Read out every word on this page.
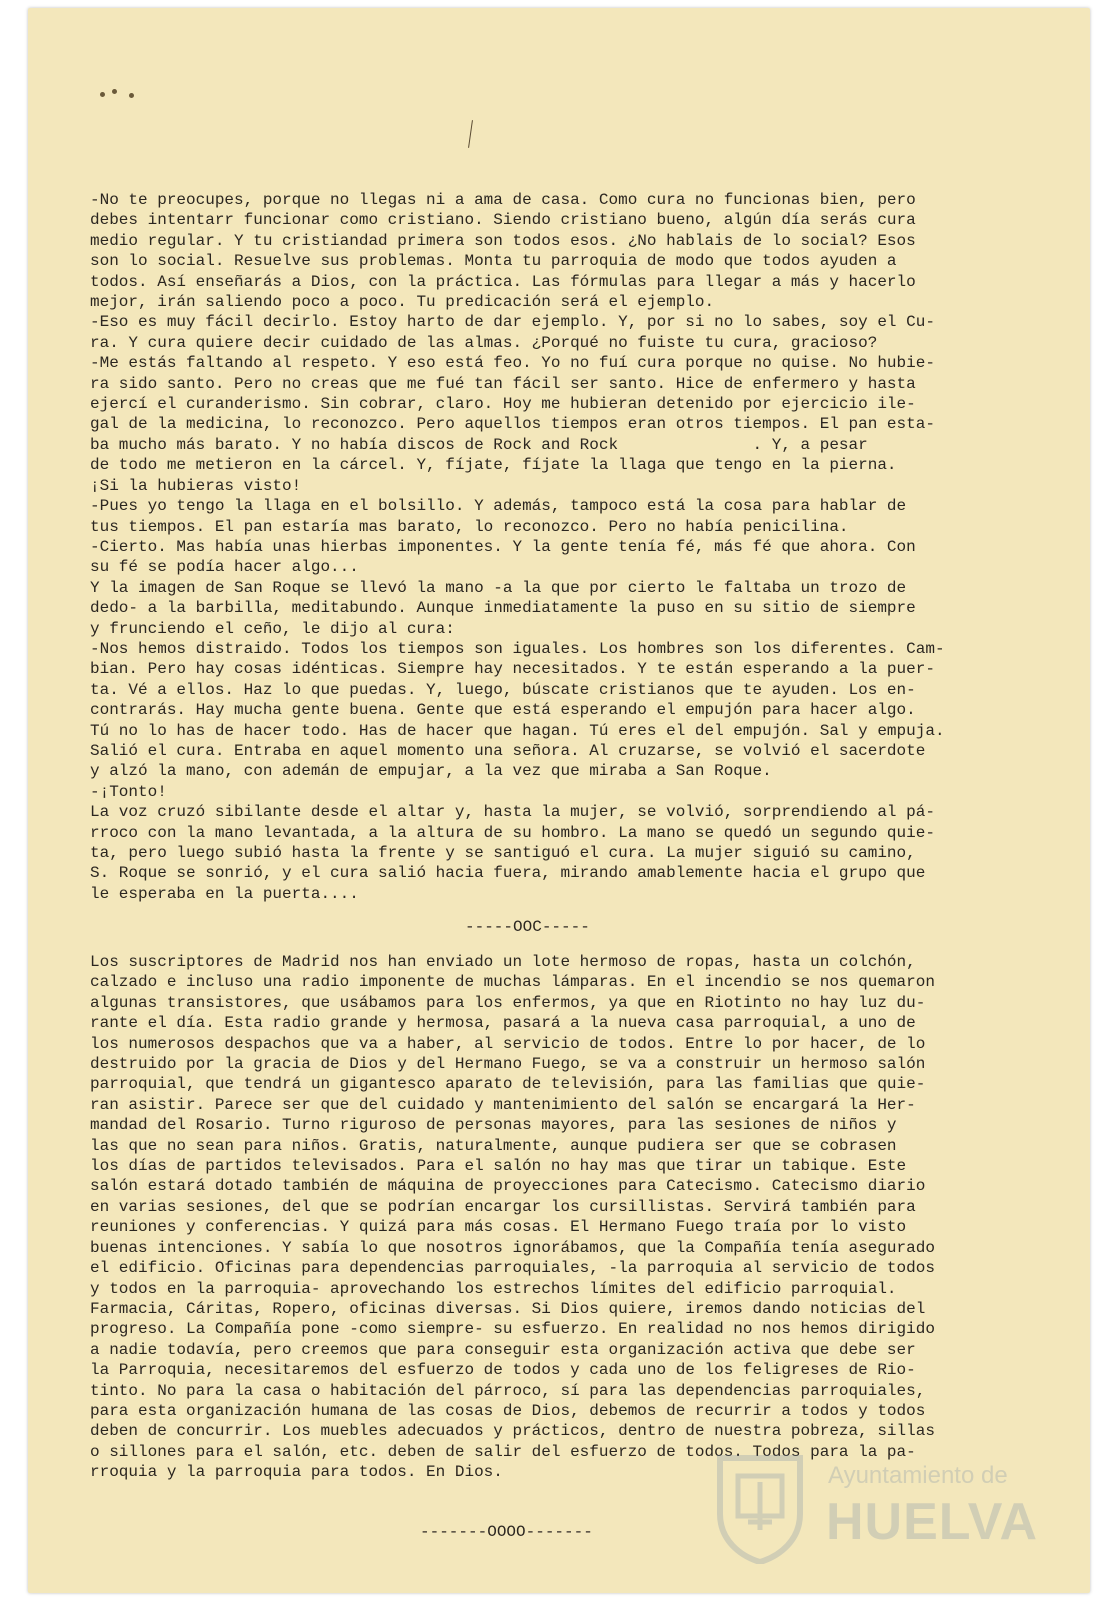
-No te preocupes, porque no llegas ni a ama de casa. Como cura no funcionas bien, pero
debes intentarr funcionar como cristiano. Siendo cristiano bueno, algún día serás cura
medio regular. Y tu cristiandad primera son todos esos. ¿No hablais de lo social? Esos
son lo social. Resuelve sus problemas. Monta tu parroquia de modo que todos ayuden a
todos. Así enseñarás a Dios, con la práctica. Las fórmulas para llegar a más y hacerlo
mejor, irán saliendo poco a poco. Tu predicación será el ejemplo.
-Eso es muy fácil decirlo. Estoy harto de dar ejemplo. Y, por si no lo sabes, soy el Cu-
ra. Y cura quiere decir cuidado de las almas. ¿Porqué no fuiste tu cura, gracioso?
-Me estás faltando al respeto. Y eso está feo. Yo no fuí cura porque no quise. No hubie-
ra sido santo. Pero no creas que me fué tan fácil ser santo. Hice de enfermero y hasta
ejercí el curanderismo. Sin cobrar, claro. Hoy me hubieran detenido por ejercicio ile-
gal de la medicina, lo reconozco. Pero aquellos tiempos eran otros tiempos. El pan esta-
ba mucho más barato. Y no había discos de Rock and Rock              . Y, a pesar
de todo me metieron en la cárcel. Y, fíjate, fíjate la llaga que tengo en la pierna.
¡Si la hubieras visto!
-Pues yo tengo la llaga en el bolsillo. Y además, tampoco está la cosa para hablar de
tus tiempos. El pan estaría mas barato, lo reconozco. Pero no había penicilina.
-Cierto. Mas había unas hierbas imponentes. Y la gente tenía fé, más fé que ahora. Con
su fé se podía hacer algo...
Y la imagen de San Roque se llevó la mano -a la que por cierto le faltaba un trozo de
dedo- a la barbilla, meditabundo. Aunque inmediatamente la puso en su sitio de siempre
y frunciendo el ceño, le dijo al cura:
-Nos hemos distraido. Todos los tiempos son iguales. Los hombres son los diferentes. Cam-
bian. Pero hay cosas idénticas. Siempre hay necesitados. Y te están esperando a la puer-
ta. Vé a ellos. Haz lo que puedas. Y, luego, búscate cristianos que te ayuden. Los en-
contrarás. Hay mucha gente buena. Gente que está esperando el empujón para hacer algo.
Tú no lo has de hacer todo. Has de hacer que hagan. Tú eres el del empujón. Sal y empuja.
Salió el cura. Entraba en aquel momento una señora. Al cruzarse, se volvió el sacerdote
y alzó la mano, con ademán de empujar, a la vez que miraba a San Roque.
-¡Tonto!
La voz cruzó sibilante desde el altar y, hasta la mujer, se volvió, sorprendiendo al pá-
rroco con la mano levantada, a la altura de su hombro. La mano se quedó un segundo quie-
ta, pero luego subió hasta la frente y se santiguó el cura. La mujer siguió su camino,
S. Roque se sonrió, y el cura salió hacia fuera, mirando amablemente hacia el grupo que
le esperaba en la puerta....
-----OOC-----
Los suscriptores de Madrid nos han enviado un lote hermoso de ropas, hasta un colchón,
calzado e incluso una radio imponente de muchas lámparas. En el incendio se nos quemaron
algunas transistores, que usábamos para los enfermos, ya que en Riotinto no hay luz du-
rante el día. Esta radio grande y hermosa, pasará a la nueva casa parroquial, a uno de
los numerosos despachos que va a haber, al servicio de todos. Entre lo por hacer, de lo
destruido por la gracia de Dios y del Hermano Fuego, se va a construir un hermoso salón
parroquial, que tendrá un gigantesco aparato de televisión, para las familias que quie-
ran asistir. Parece ser que del cuidado y mantenimiento del salón se encargará la Her-
mandad del Rosario. Turno riguroso de personas mayores, para las sesiones de niños y
las que no sean para niños. Gratis, naturalmente, aunque pudiera ser que se cobrasen
los días de partidos televisados. Para el salón no hay mas que tirar un tabique. Este
salón estará dotado también de máquina de proyecciones para Catecismo. Catecismo diario
en varias sesiones, del que se podrían encargar los cursillistas. Servirá también para
reuniones y conferencias. Y quizá para más cosas. El Hermano Fuego traía por lo visto
buenas intenciones. Y sabía lo que nosotros ignorábamos, que la Compañía tenía asegurado
el edificio. Oficinas para dependencias parroquiales, -la parroquia al servicio de todos
y todos en la parroquia- aprovechando los estrechos límites del edificio parroquial.
Farmacia, Cáritas, Ropero, oficinas diversas. Si Dios quiere, iremos dando noticias del
progreso. La Compañía pone -como siempre- su esfuerzo. En realidad no nos hemos dirigido
a nadie todavía, pero creemos que para conseguir esta organización activa que debe ser
la Parroquia, necesitaremos del esfuerzo de todos y cada uno de los feligreses de Rio-
tinto. No para la casa o habitación del párroco, sí para las dependencias parroquiales,
para esta organización humana de las cosas de Dios, debemos de recurrir a todos y todos
deben de concurrir. Los muebles adecuados y prácticos, dentro de nuestra pobreza, sillas
o sillones para el salón, etc. deben de salir del esfuerzo de todos. Todos para la pa-
rroquia y la parroquia para todos. En Dios.
-------OOOO-------
Ayuntamiento de
HUELVA
